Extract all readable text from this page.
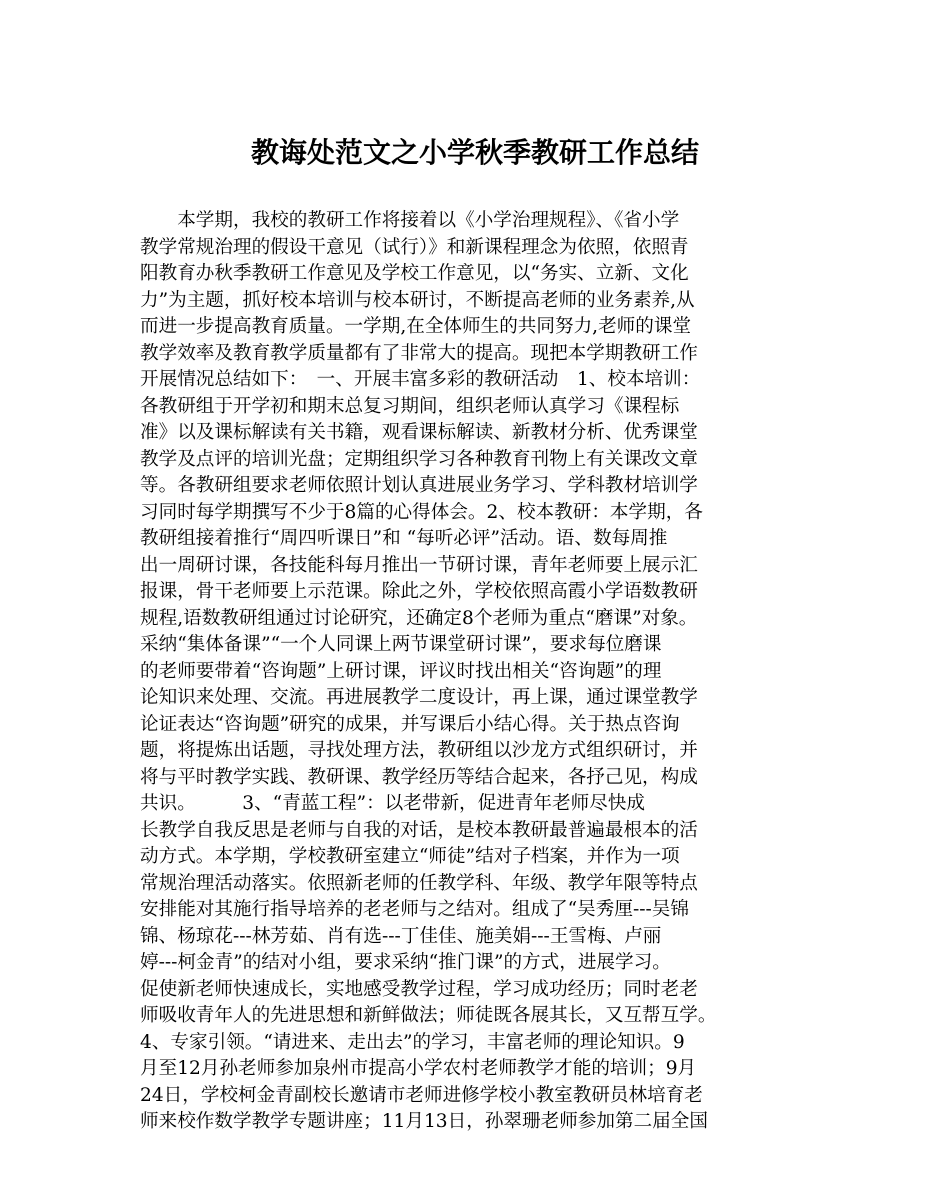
教诲处范文之小学秋季教研工作总结
　　本学期，我校的教研工作将接着以《小学治理规程》、《省小学
教学常规治理的假设干意见（试行）》和新课程理念为依照，依照青
阳教育办秋季教研工作意见及学校工作意见，以“务实、立新、文化
力”为主题，抓好校本培训与校本研讨，不断提高老师的业务素养,从
而进一步提高教育质量。一学期,在全体师生的共同努力,老师的课堂
教学效率及教育教学质量都有了非常大的提高。现把本学期教研工作
开展情况总结如下：　一、开展丰富多彩的教研活动　1、校本培训：
各教研组于开学初和期末总复习期间，组织老师认真学习《课程标
准》以及课标解读有关书籍，观看课标解读、新教材分析、优秀课堂
教学及点评的培训光盘；定期组织学习各种教育刊物上有关课改文章
等。各教研组要求老师依照计划认真进展业务学习、学科教材培训学
习同时每学期撰写不少于8篇的心得体会。2、校本教研：本学期，各
教研组接着推行“周四听课日”和 “每听必评”活动。语、数每周推
出一周研讨课，各技能科每月推出一节研讨课，青年老师要上展示汇
报课，骨干老师要上示范课。除此之外，学校依照高霞小学语数教研
规程,语数教研组通过讨论研究，还确定8个老师为重点“磨课”对象。
采纳“集体备课”“一个人同课上两节课堂研讨课”，要求每位磨课
的老师要带着“咨询题”上研讨课，评议时找出相关“咨询题”的理
论知识来处理、交流。再进展教学二度设计，再上课，通过课堂教学
论证表达“咨询题”研究的成果，并写课后小结心得。关于热点咨询
题，将提炼出话题，寻找处理方法，教研组以沙龙方式组织研讨，并
将与平时教学实践、教研课、教学经历等结合起来，各抒己见，构成
共识。　　　3、“青蓝工程”：以老带新，促进青年老师尽快成
长教学自我反思是老师与自我的对话，是校本教研最普遍最根本的活
动方式。本学期，学校教研室建立“师徒”结对子档案，并作为一项
常规治理活动落实。依照新老师的任教学科、年级、教学年限等特点
安排能对其施行指导培养的老老师与之结对。组成了“吴秀厘---吴锦
锦、杨琼花---林芳茹、肖有选---丁佳佳、施美娟---王雪梅、卢丽
婷---柯金青”的结对小组，要求采纳“推门课”的方式，进展学习。
促使新老师快速成长，实地感受教学过程，学习成功经历；同时老老
师吸收青年人的先进思想和新鲜做法；师徒既各展其长，又互帮互学。
4、专家引领。“请进来、走出去”的学习，丰富老师的理论知识。9
月至12月孙老师参加泉州市提高小学农村老师教学才能的培训；9月
24日，学校柯金青副校长邀请市老师进修学校小教室教研员林培育老
师来校作数学教学专题讲座；11月13日，孙翠珊老师参加第二届全国
